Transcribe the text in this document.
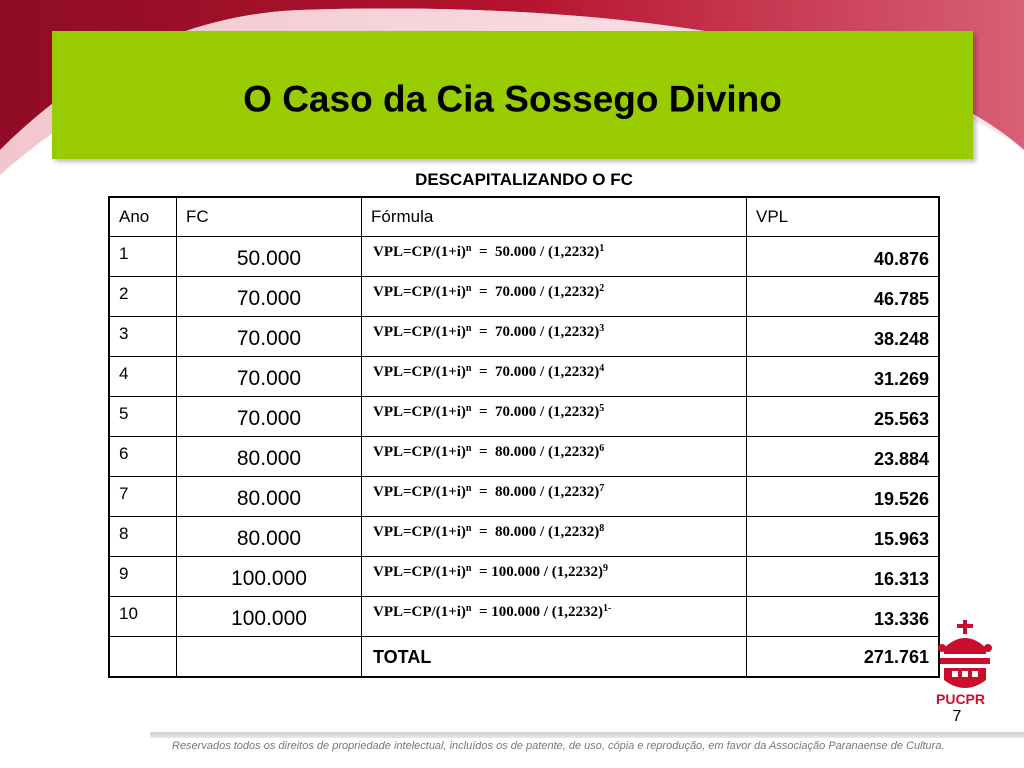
O Caso da Cia Sossego Divino
DESCAPITALIZANDO O FC
Ano	FC	Fórmula	VPL

1	50.000	$VPL=CP/(1+i)^n = 50.000 / (1,2232)^1$	40.876

2	70.000	$VPL=CP/(1+i)^n = 70.000 / (1,2232)^2$	46.785

3	70.000	$VPL=CP/(1+i)^n = 70.000 / (1,2232)^3$	38.248

4	70.000	$VPL=CP/(1+i)^n = 70.000 / (1,2232)^4$	31.269

5	70.000	$VPL=CP/(1+i)^n = 70.000 / (1,2232)^5$	25.563

6	80.000	$VPL=CP/(1+i)^n = 80.000 / (1,2232)^6$	23.884

7	80.000	$VPL=CP/(1+i)^n = 80.000 / (1,2232)^7$	19.526

8	80.000	$VPL=CP/(1+i)^n = 80.000 / (1,2232)^8$	15.963

9	100.000	$VPL=CP/(1+i)^n = 100.000 / (1,2232)^9$	16.313

10	100.000	$VPL=CP/(1+i)^n = 100.000 / (1,2232)^{1-}$	13.336

		TOTAL	271.761
PUCPR
7
Reservados todos os direitos de propriedade intelectual, incluídos os de patente, de uso, cópia e reprodução, em favor da Associação Paranaense de Cultura.
